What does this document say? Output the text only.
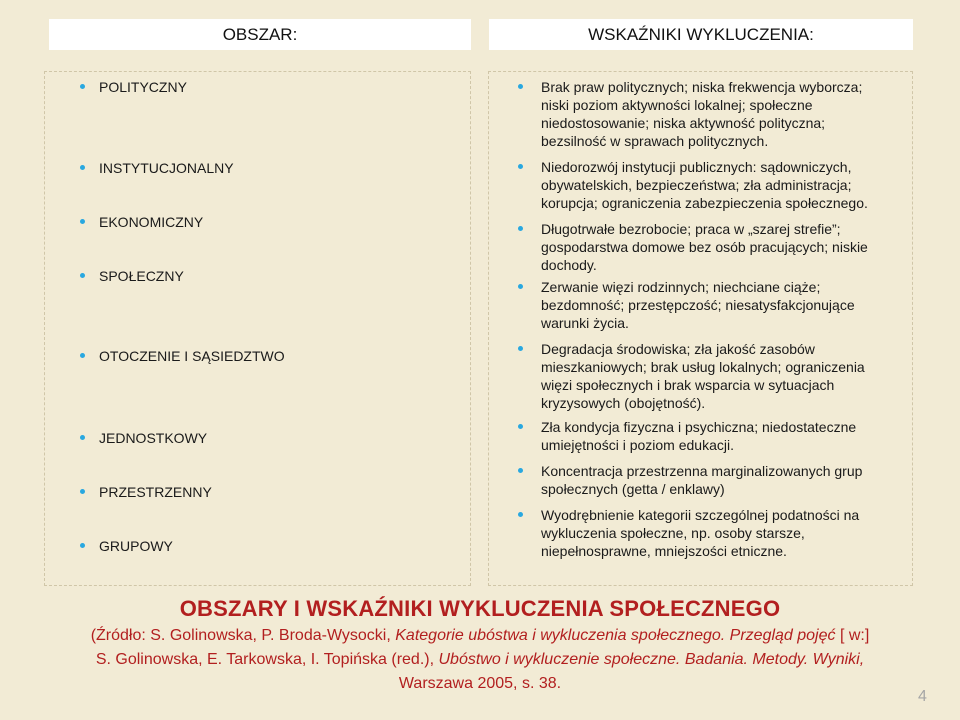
OBSZAR:	WSKAŹNIKI WYKLUCZENIA:
POLITYCZNY
INSTYTUCJONALNY
EKONOMICZNY
SPOŁECZNY
OTOCZENIE I SĄSIEDZTWO
JEDNOSTKOWY
PRZESTRZENNY
GRUPOWY
Brak praw politycznych; niska frekwencja wyborcza; niski poziom aktywności lokalnej; społeczne niedostosowanie; niska aktywność polityczna; bezsilność w sprawach politycznych.
Niedorozwój instytucji publicznych: sądowniczych, obywatelskich, bezpieczeństwa; zła administracja; korupcja; ograniczenia zabezpieczenia społecznego.
Długotrwałe bezrobocie; praca w „szarej strefie”; gospodarstwa domowe bez osób pracujących; niskie dochody.
Zerwanie więzi rodzinnych; niechciane ciąże; bezdomność; przestępczość; niesatysfakcjonujące warunki życia.
Degradacja środowiska; zła jakość zasobów mieszkaniowych; brak usług lokalnych; ograniczenia więzi społecznych i brak wsparcia w sytuacjach kryzysowych (obojętność).
Zła kondycja fizyczna i psychiczna; niedostateczne umiejętności i poziom edukacji.
Koncentracja przestrzenna marginalizowanych grup społecznych (getta / enklawy)
Wyodrębnienie kategorii szczególnej podatności na wykluczenia społeczne, np. osoby starsze, niepełnosprawne, mniejszości etniczne.
OBSZARY I WSKAŹNIKI WYKLUCZENIA SPOŁECZNEGO
(Źródło: S. Golinowska, P. Broda-Wysocki, Kategorie ubóstwa i wykluczenia społecznego. Przegląd pojęć [ w:]
S. Golinowska, E. Tarkowska, I. Topińska (red.), Ubóstwo i wykluczenie społeczne. Badania. Metody. Wyniki,
Warszawa 2005, s. 38.
4
